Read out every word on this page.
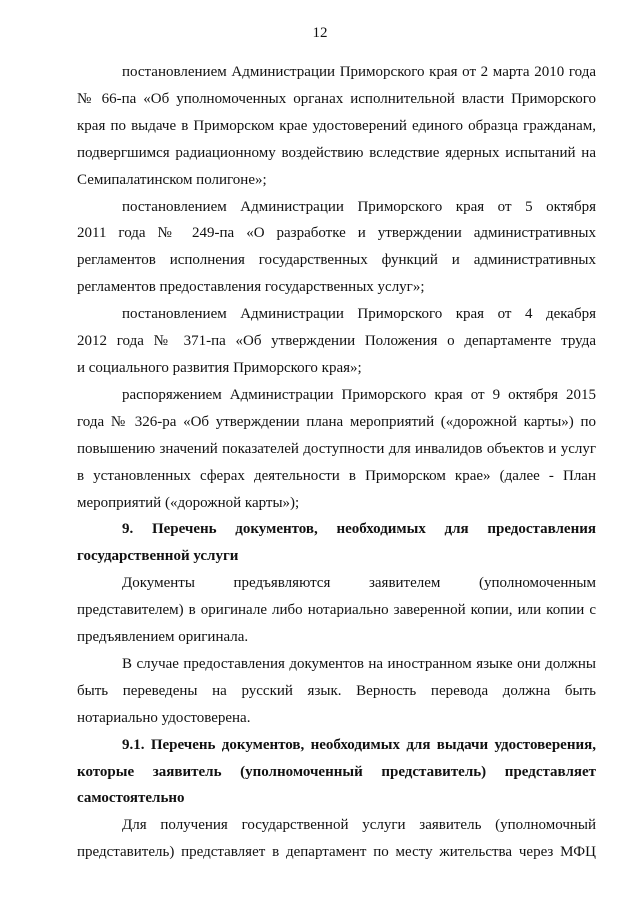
12

постановлением Администрации Приморского края от 2 марта 2010 года
№ 66-па «Об уполномоченных органах исполнительной власти Приморского
края по выдаче в Приморском крае удостоверений единого образца гражданам,
подвергшимся радиационному воздействию вследствие ядерных испытаний на
Семипалатинском полигоне»;

постановлением Администрации Приморского края от 5 октября
2011 года № 249-па «О разработке и утверждении административных
регламентов исполнения государственных функций и административных
регламентов предоставления государственных услуг»;

постановлением Администрации Приморского края от 4 декабря
2012 года № 371-па «Об утверждении Положения о департаменте труда
и социального развития Приморского края»;

распоряжением Администрации Приморского края от 9 октября 2015
года № 326-ра «Об утверждении плана мероприятий («дорожной карты») по
повышению значений показателей доступности для инвалидов объектов и услуг
в установленных сферах деятельности в Приморском крае» (далее - План
мероприятий («дорожной карты»);

9. Перечень документов, необходимых для предоставления
государственной услуги

Документы предъявляются заявителем (уполномоченным
представителем) в оригинале либо нотариально заверенной копии, или копии с
предъявлением оригинала.

В случае предоставления документов на иностранном языке они должны
быть переведены на русский язык. Верность перевода должна быть
нотариально удостоверена.

9.1. Перечень документов, необходимых для выдачи удостоверения,
которые заявитель (уполномоченный представитель) представляет
самостоятельно

Для получения государственной услуги заявитель (уполномочный
представитель) представляет в департамент по месту жительства через МФЦ
